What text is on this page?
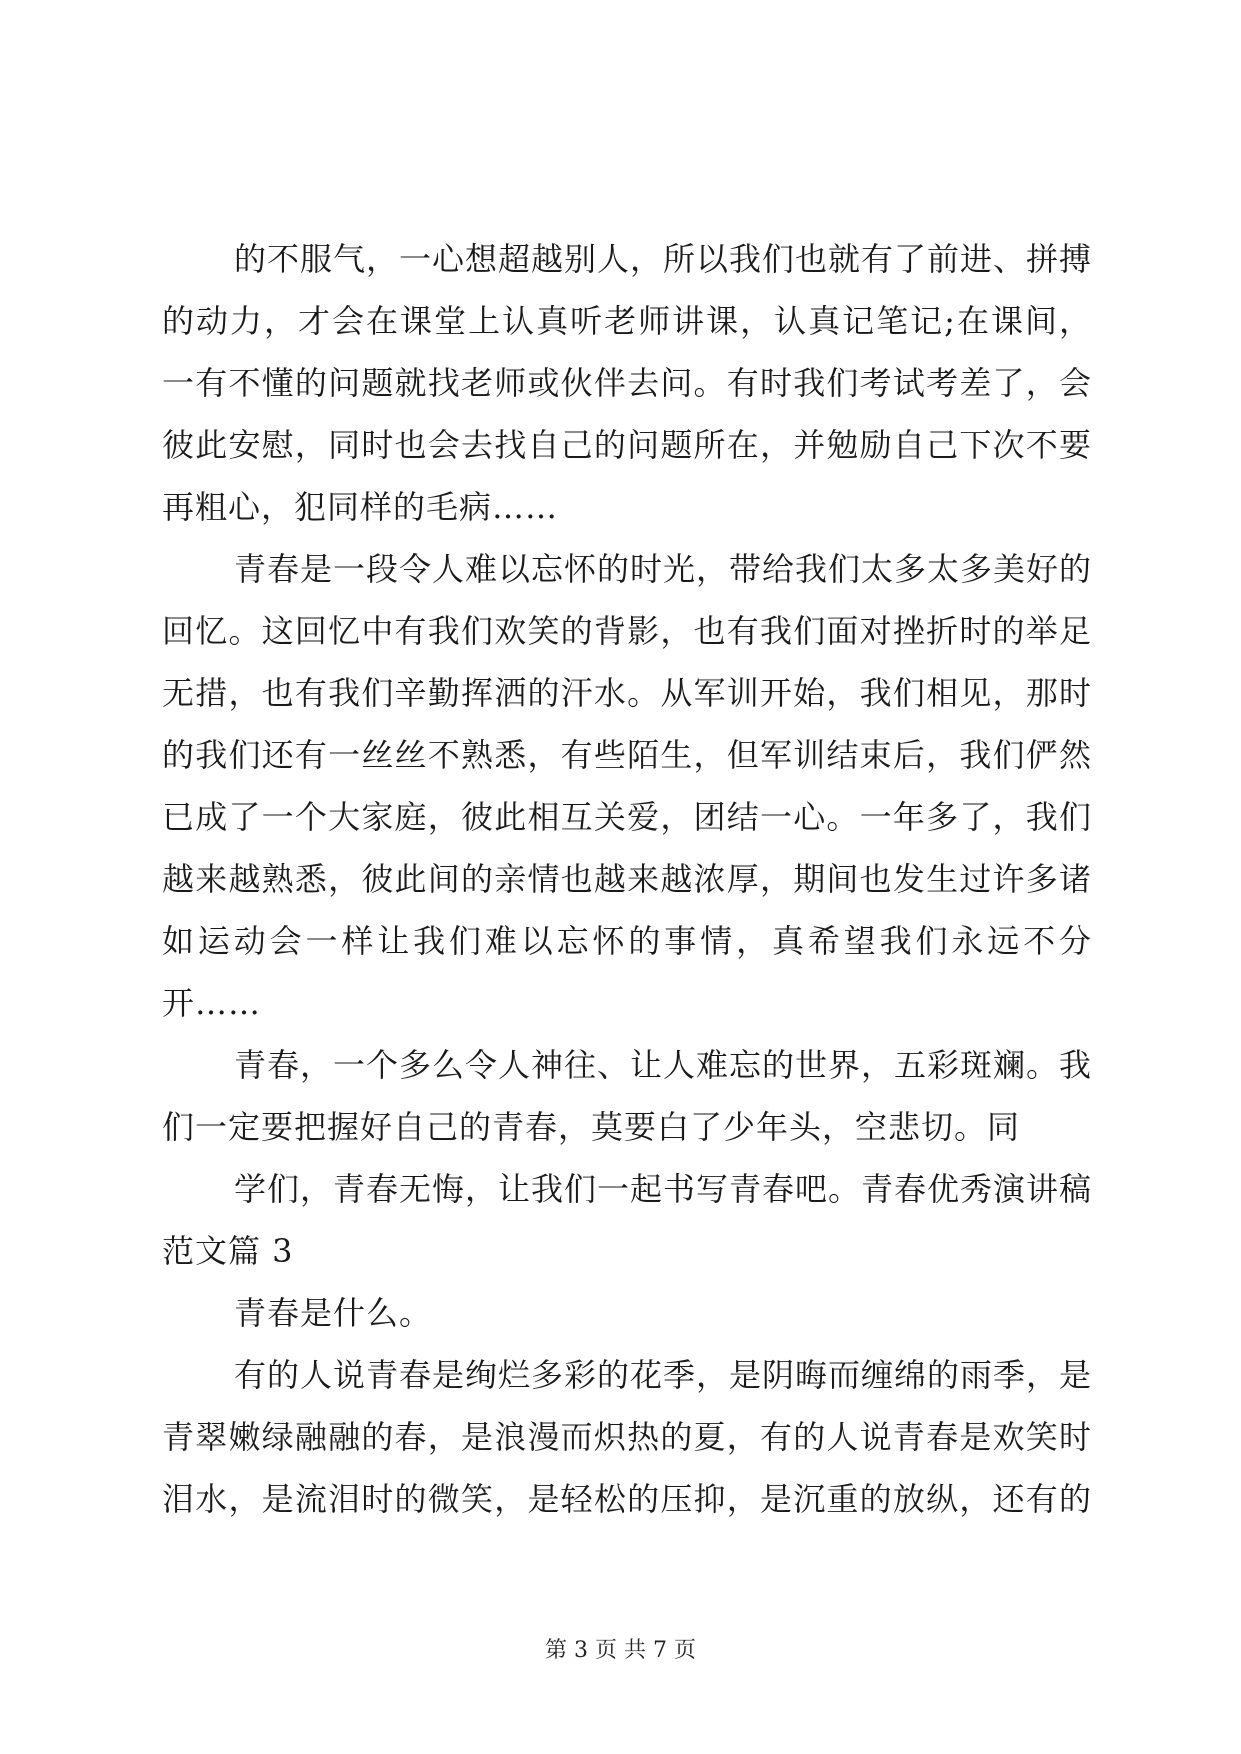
的不服气，一心想超越别人，所以我们也就有了前进、拼搏
的动力，才会在课堂上认真听老师讲课，认真记笔记;在课间，
一有不懂的问题就找老师或伙伴去问。有时我们考试考差了，会
彼此安慰，同时也会去找自己的问题所在，并勉励自己下次不要
再粗心，犯同样的毛病……
青春是一段令人难以忘怀的时光，带给我们太多太多美好的
回忆。这回忆中有我们欢笑的背影，也有我们面对挫折时的举足
无措，也有我们辛勤挥洒的汗水。从军训开始，我们相见，那时
的我们还有一丝丝不熟悉，有些陌生，但军训结束后，我们俨然
已成了一个大家庭，彼此相互关爱，团结一心。一年多了，我们
越来越熟悉，彼此间的亲情也越来越浓厚，期间也发生过许多诸
如运动会一样让我们难以忘怀的事情，真希望我们永远不分
开……
青春，一个多么令人神往、让人难忘的世界，五彩斑斓。我
们一定要把握好自己的青春，莫要白了少年头，空悲切。同
学们，青春无悔，让我们一起书写青春吧。青春优秀演讲稿
范文篇 3
青春是什么。
有的人说青春是绚烂多彩的花季，是阴晦而缠绵的雨季，是
青翠嫩绿融融的春，是浪漫而炽热的夏，有的人说青春是欢笑时
泪水，是流泪时的微笑，是轻松的压抑，是沉重的放纵，还有的
第 3 页 共 7 页
